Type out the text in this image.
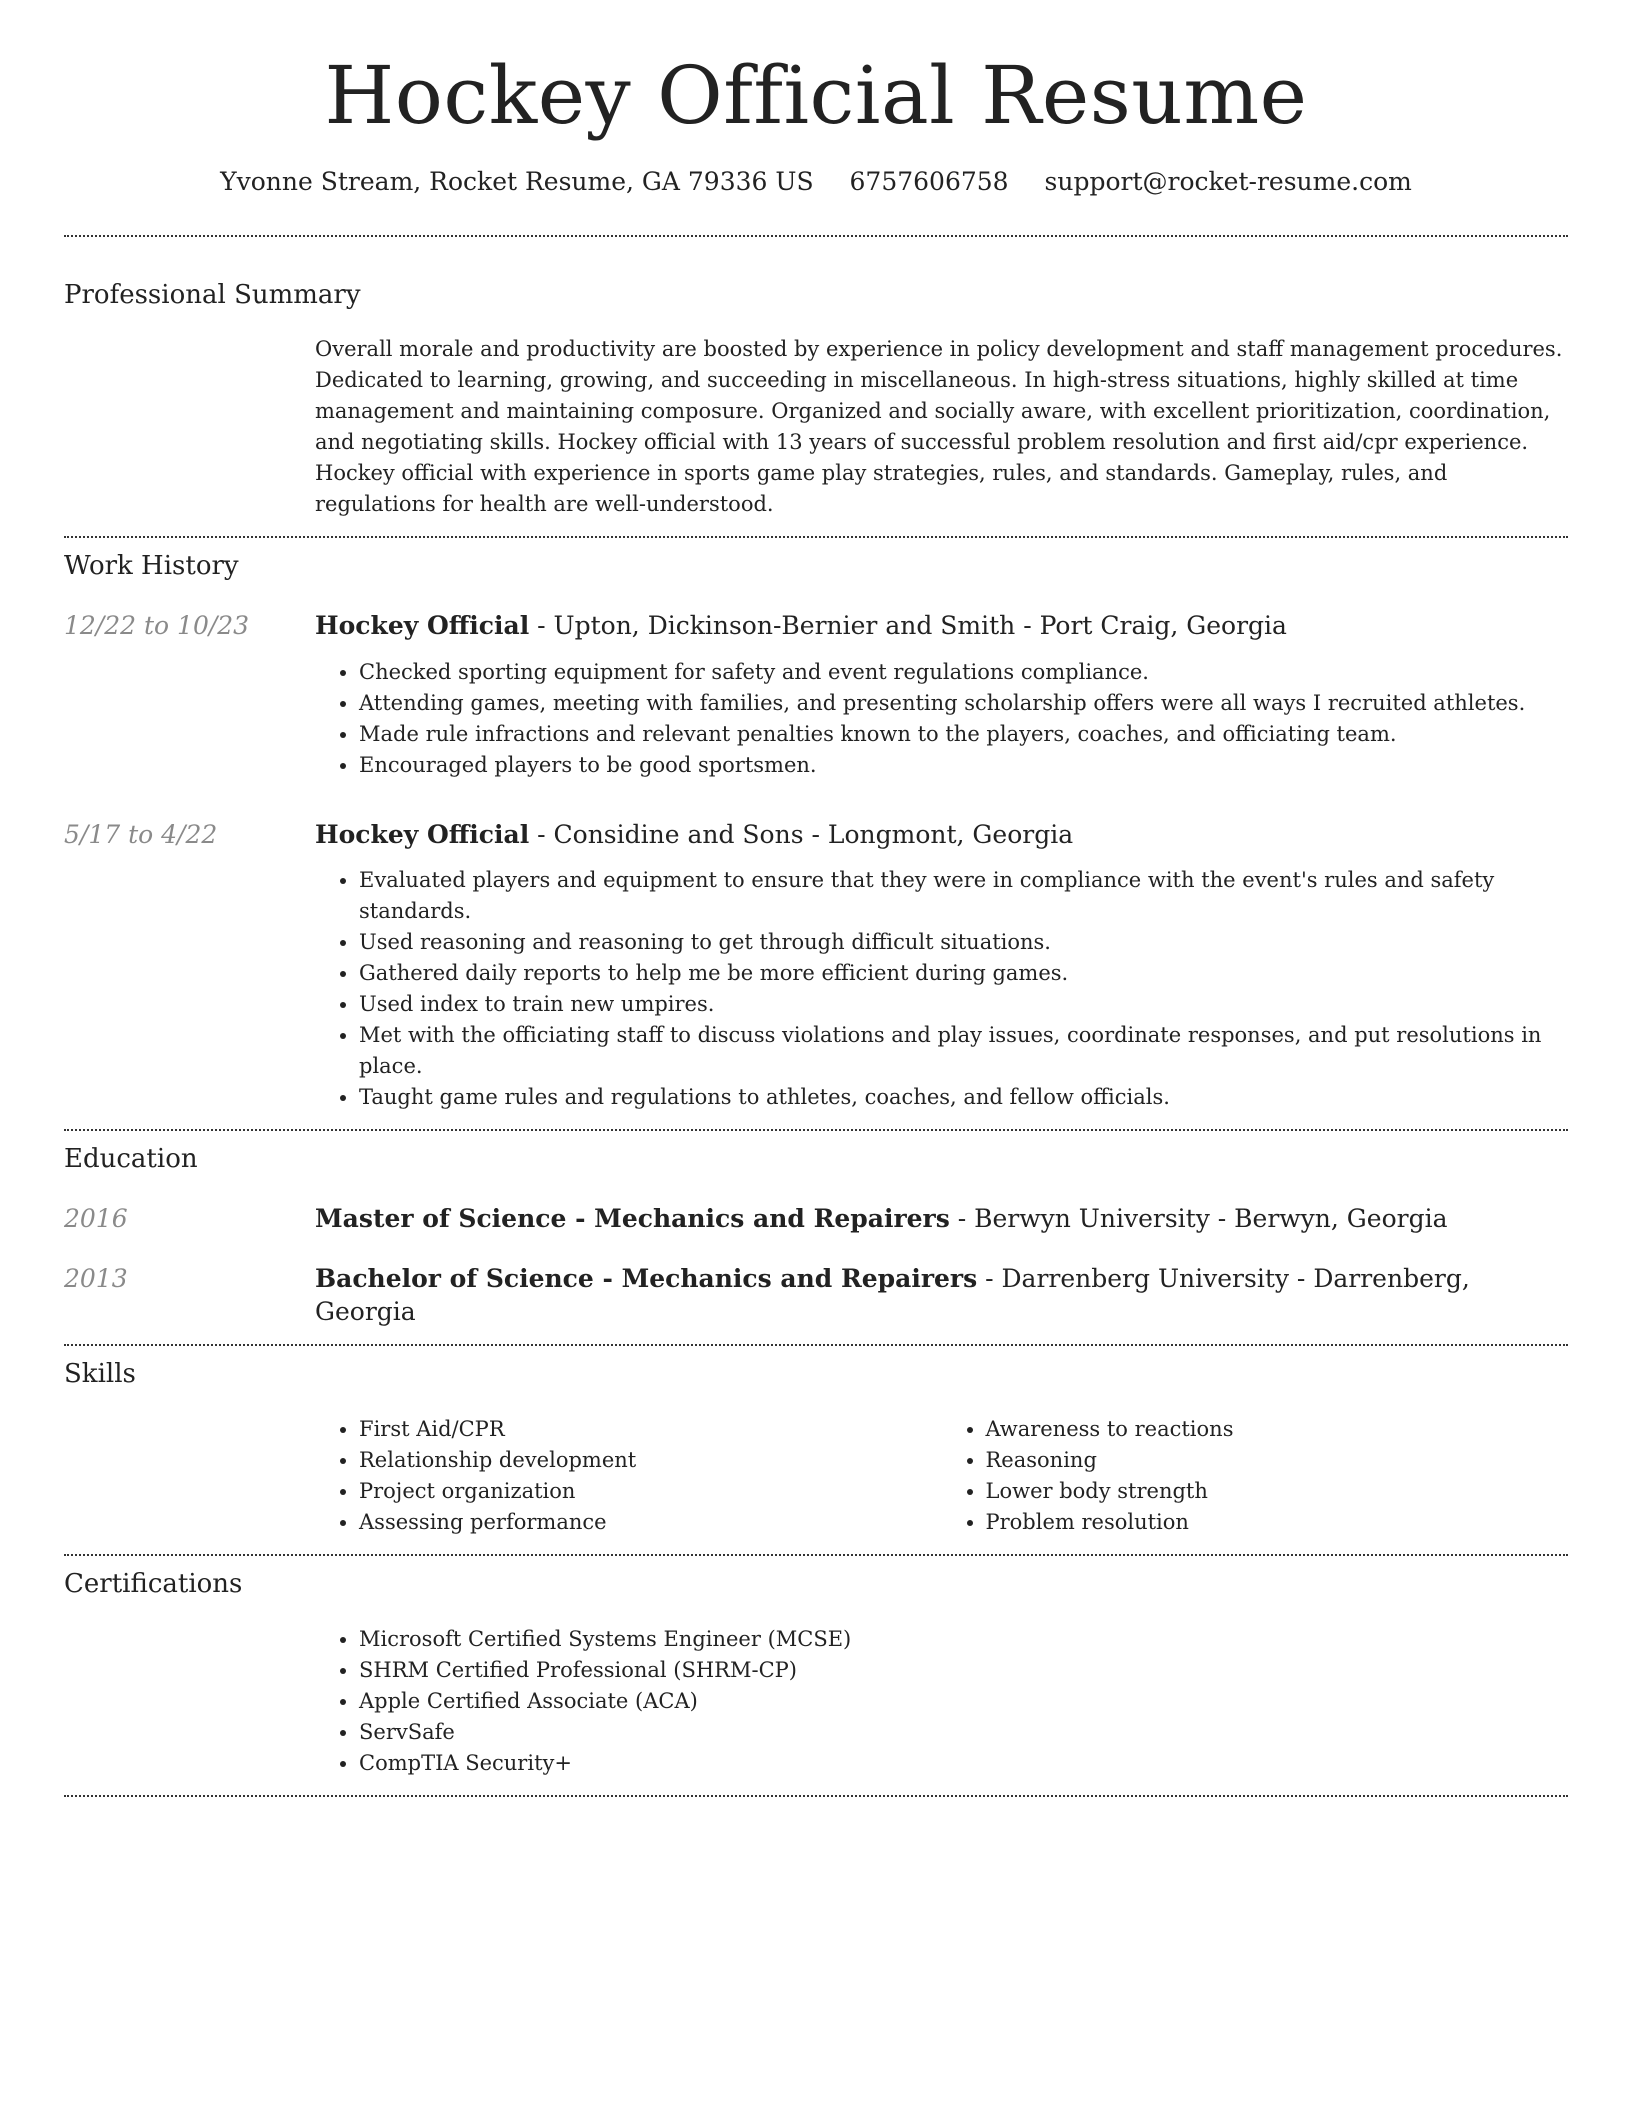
Hockey Official Resume
Yvonne Stream, Rocket Resume, GA 79336 US 6757606758 support@rocket-resume.com
Professional Summary

Overall morale and productivity are boosted by experience in policy development and staff management procedures. Dedicated to learning, growing, and succeeding in miscellaneous. In high-stress situations, highly skilled at time management and maintaining composure. Organized and socially aware, with excellent prioritization, coordination, and negotiating skills. Hockey official with 13 years of successful problem resolution and first aid/cpr experience. Hockey official with experience in sports game play strategies, rules, and standards. Gameplay, rules, and regulations for health are well-understood.

Work History
12/22 to 10/23	Hockey Official - Upton, Dickinson-Bernier and Smith - Port Craig, Georgia
• Checked sporting equipment for safety and event regulations compliance.
• Attending games, meeting with families, and presenting scholarship offers were all ways I recruited athletes.
• Made rule infractions and relevant penalties known to the players, coaches, and officiating team.
• Encouraged players to be good sportsmen.
5/17 to 4/22	Hockey Official - Considine and Sons - Longmont, Georgia
• Evaluated players and equipment to ensure that they were in compliance with the event's rules and safety standards.
• Used reasoning and reasoning to get through difficult situations.
• Gathered daily reports to help me be more efficient during games.
• Used index to train new umpires.
• Met with the officiating staff to discuss violations and play issues, coordinate responses, and put resolutions in place.
• Taught game rules and regulations to athletes, coaches, and fellow officials.
Education
2016	Master of Science - Mechanics and Repairers - Berwyn University - Berwyn, Georgia
2013	Bachelor of Science - Mechanics and Repairers - Darrenberg University - Darrenberg, Georgia
Skills
• First Aid/CPR
• Relationship development
• Project organization
• Assessing performance
• Awareness to reactions
• Reasoning
• Lower body strength
• Problem resolution
Certifications
• Microsoft Certified Systems Engineer (MCSE)
• SHRM Certified Professional (SHRM-CP)
• Apple Certified Associate (ACA)
• ServSafe
• CompTIA Security+
